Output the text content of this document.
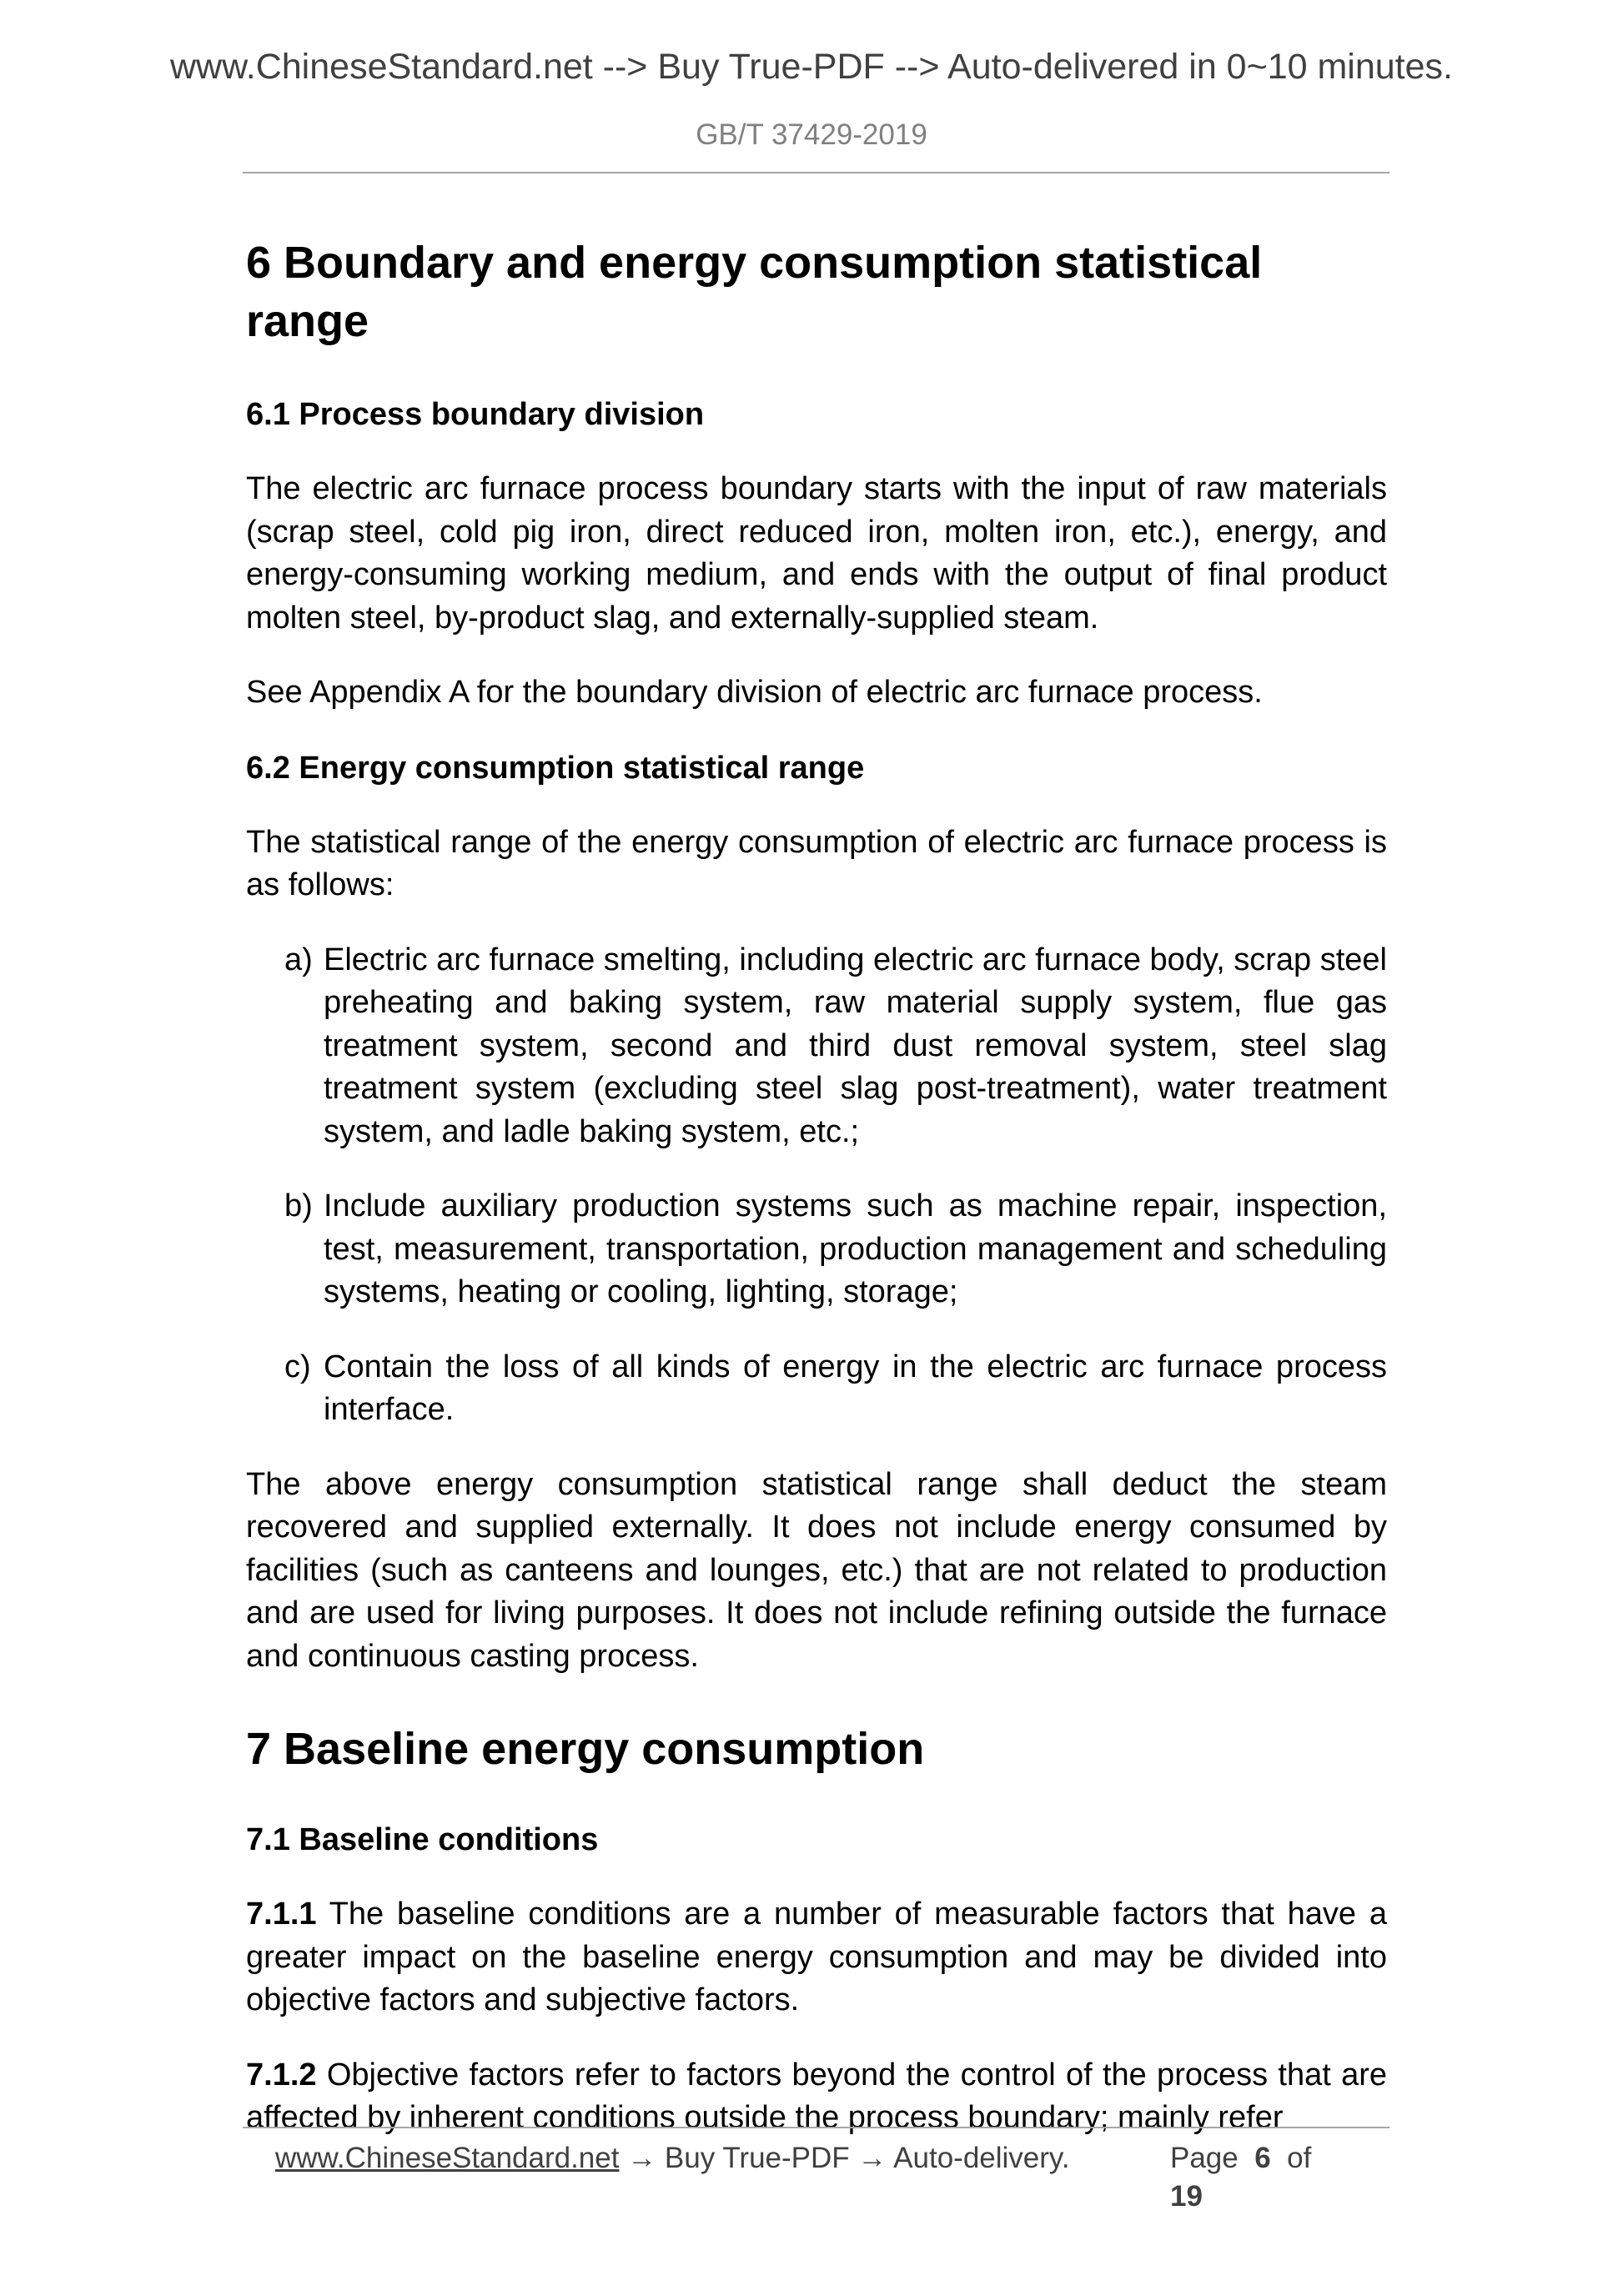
www.ChineseStandard.net --> Buy True-PDF --> Auto-delivered in 0~10 minutes.
GB/T 37429-2019
6 Boundary and energy consumption statistical range
6.1 Process boundary division

The electric arc furnace process boundary starts with the input of raw materials (scrap steel, cold pig iron, direct reduced iron, molten iron, etc.), energy, and energy-consuming working medium, and ends with the output of final product molten steel, by-product slag, and externally-supplied steam.

See Appendix A for the boundary division of electric arc furnace process.

6.2 Energy consumption statistical range

The statistical range of the energy consumption of electric arc furnace process is as follows:

a) Electric arc furnace smelting, including electric arc furnace body, scrap steel preheating and baking system, raw material supply system, flue gas treatment system, second and third dust removal system, steel slag treatment system (excluding steel slag post-treatment), water treatment system, and ladle baking system, etc.;
b) Include auxiliary production systems such as machine repair, inspection, test, measurement, transportation, production management and scheduling systems, heating or cooling, lighting, storage;
c) Contain the loss of all kinds of energy in the electric arc furnace process interface.

The above energy consumption statistical range shall deduct the steam recovered and supplied externally. It does not include energy consumed by facilities (such as canteens and lounges, etc.) that are not related to production and are used for living purposes. It does not include refining outside the furnace and continuous casting process.

7 Baseline energy consumption
7.1 Baseline conditions

7.1.1 The baseline conditions are a number of measurable factors that have a greater impact on the baseline energy consumption and may be divided into objective factors and subjective factors.

7.1.2 Objective factors refer to factors beyond the control of the process that are affected by inherent conditions outside the process boundary; mainly refer

www.ChineseStandard.net → Buy True-PDF → Auto-delivery.	Page 6 of  19
